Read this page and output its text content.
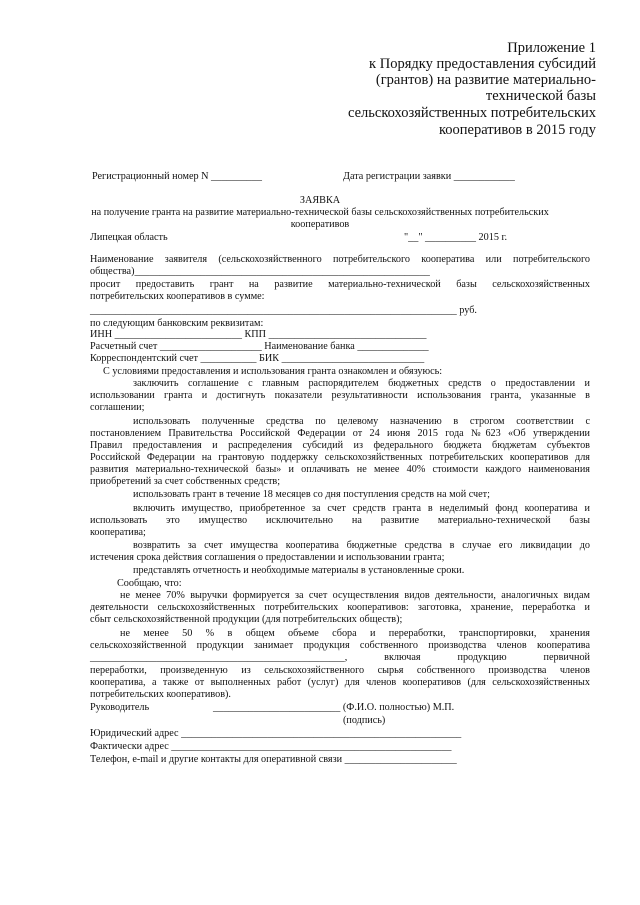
Приложение 1
к Порядку предоставления субсидий
(грантов) на развитие материально-
технической базы
сельскохозяйственных потребительских
кооперативов в 2015 году
Регистрационный номер N __________	Дата регистрации заявки ____________
ЗАЯВКА
на получение гранта на развитие материально-технической базы сельскохозяйственных потребительских
кооперативов
Липецкая область	"__" __________ 2015 г.
Наименование заявителя (сельскохозяйственного потребительского кооператива или потребительского
общества)__________________________________________________________
просит предоставить грант на развитие материально-технической базы сельскохозяйственных
потребительских кооперативов в сумме:
________________________________________________________________________ руб.
по следующим банковским реквизитам:
ИНН _________________________ КПП _______________________________
Расчетный счет ____________________ Наименование банка ______________
Корреспондентский счет ___________ БИК ____________________________
С условиями предоставления и использования гранта ознакомлен и обязуюсь:
заключить соглашение с главным распорядителем бюджетных средств о предоставлении и
использовании гранта и достигнуть показатели результативности использования гранта, указанные в
соглашении;
использовать полученные средства по целевому назначению в строгом соответствии с
постановлением Правительства Российской Федерации от 24 июня 2015 года №623 «Об утверждении
Правил предоставления и распределения субсидий из федерального бюджета бюджетам субъектов
Российской Федерации на грантовую поддержку сельскохозяйственных потребительских кооперативов для
развития материально-технической базы» и оплачивать не менее 40% стоимости каждого наименования
приобретений за счет собственных средств;
использовать грант в течение 18 месяцев со дня поступления средств на мой счет;
включить имущество, приобретенное за счет средств гранта в неделимый фонд кооператива и
использовать это имущество исключительно на развитие материально-технической базы
кооператива;
возвратить за счет имущества кооператива бюджетные средства в случае его ликвидации до
истечения срока действия соглашения о предоставлении и использовании гранта;
представлять отчетность и необходимые материалы в установленные сроки.
Сообщаю, что:
не менее 70% выручки формируется за счет осуществления видов деятельности, аналогичных видам
деятельности сельскохозяйственных потребительских кооперативов: заготовка, хранение, переработка и
сбыт сельскохозяйственной продукции (для потребительских обществ);
не менее 50 % в общем объеме сбора и переработки, транспортировки, хранения
сельскохозяйственной продукции занимает продукция собственного производства членов кооператива
__________________________________________________, включая продукцию первичной
переработки, произведенную из сельскохозяйственного сырья собственного производства членов
кооператива, а также от выполненных работ (услуг) для членов кооперативов (для сельскохозяйственных
потребительских кооперативов).
Руководитель	_________________________ (Ф.И.О. полностью) М.П.
(подпись)
Юридический адрес _______________________________________________________
Фактически адрес _______________________________________________________
Телефон, e-mail и другие контакты для оперативной связи ______________________
